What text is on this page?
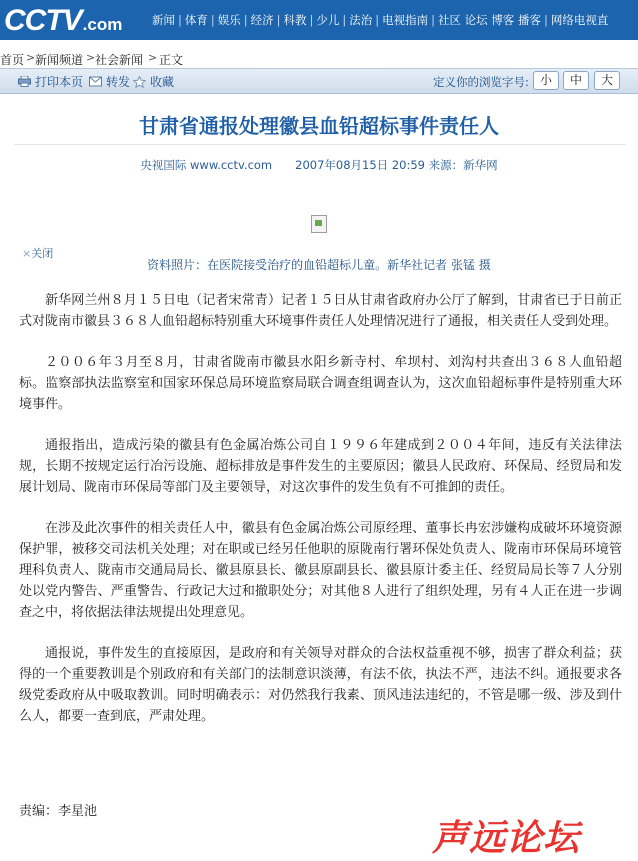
CCTV .com	新闻 | 体育 | 娱乐 | 经济 | 科教 | 少儿 | 法治 | 电视指南 | 社区
论坛
博客
播客 | 网络电视直
首页 > 新闻频道 > 社会新闻 > 正文
打印本页 转发 收藏	定义你的浏览字号: 小	中	大
甘肃省通报处理徽县血铅超标事件责任人
央视国际 www.cctv.com　　2007年08月15日 20:59 来源：新华网
×关闭
资料照片：在医院接受治疗的血铅超标儿童。新华社记者 张锰 摄

新华网兰州８月１５日电（记者宋常青）记者１５日从甘肃省政府办公厅了解到，甘肃省已于日前正式对陇南市徽县３６８人血铅超标特别重大环境事件责任人处理情况进行了通报，相关责任人受到处理。

２００６年３月至８月，甘肃省陇南市徽县水阳乡新寺村、牟坝村、刘沟村共查出３６８人血铅超标。监察部执法监察室和国家环保总局环境监察局联合调查组调查认为，这次血铅超标事件是特别重大环境事件。

通报指出，造成污染的徽县有色金属冶炼公司自１９９６年建成到２００４年间，违反有关法律法规，长期不按规定运行冶污设施、超标排放是事件发生的主要原因；徽县人民政府、环保局、经贸局和发展计划局、陇南市环保局等部门及主要领导，对这次事件的发生负有不可推卸的责任。

在涉及此次事件的相关责任人中，徽县有色金属冶炼公司原经理、董事长冉宏涉嫌构成破坏环境资源保护罪，被移交司法机关处理；对在职或已经另任他职的原陇南行署环保处负责人、陇南市环保局环境管理科负责人、陇南市交通局局长、徽县原县长、徽县原副县长、徽县原计委主任、经贸局局长等７人分别处以党内警告、严重警告、行政记大过和撤职处分；对其他８人进行了组织处理，另有４人正在进一步调查之中，将依据法律法规提出处理意见。

通报说，事件发生的直接原因，是政府和有关领导对群众的合法权益重视不够，损害了群众利益；获得的一个重要教训是个别政府和有关部门的法制意识淡薄，有法不依，执法不严，违法不纠。通报要求各级党委政府从中吸取教训。同时明确表示：对仍然我行我素、顶风违法违纪的，不管是哪一级、涉及到什么人，都要一查到底，严肃处理。

责编：李星池
声远论坛
